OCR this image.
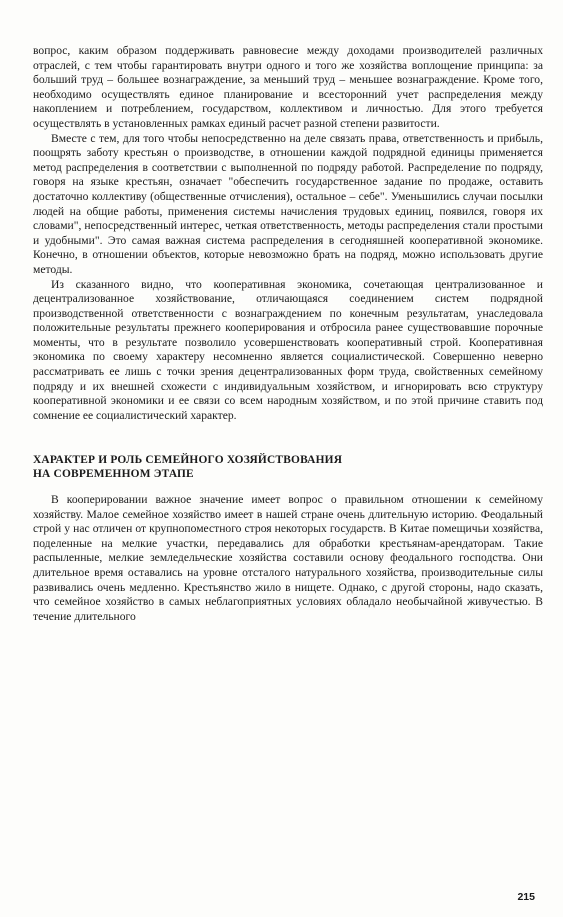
вопрос, каким образом поддерживать равновесие между доходами производителей различных отраслей, с тем чтобы гарантировать внутри одного и того же хозяйства воплощение принципа: за больший труд – большее вознаграждение, за меньший труд – меньшее вознаграждение. Кроме того, необходимо осуществлять единое планирование и всесторонний учет распределения между накоплением и потреблением, государством, коллективом и личностью. Для этого требуется осуществлять в установленных рамках единый расчет разной степени развитости.

Вместе с тем, для того чтобы непосредственно на деле связать права, ответственность и прибыль, поощрять заботу крестьян о производстве, в отношении каждой подрядной единицы применяется метод распределения в соответствии с выполненной по подряду работой. Распределение по подряду, говоря на языке крестьян, означает "обеспечить государственное задание по продаже, оставить достаточно коллективу (общественные отчисления), остальное – себе". Уменьшились случаи посылки людей на общие работы, применения системы начисления трудовых единиц, появился, говоря их словами", непосредственный интерес, четкая ответственность, методы распределения стали простыми и удобными". Это самая важная система распределения в сегодняшней кооперативной экономике. Конечно, в отношении объектов, которые невозможно брать на подряд, можно использовать другие методы.

Из сказанного видно, что кооперативная экономика, сочетающая централизованное и децентрализованное хозяйствование, отличающаяся соединением систем подрядной производственной ответственности с вознаграждением по конечным результатам, унаследовала положительные результаты прежнего кооперирования и отбросила ранее существовавшие порочные моменты, что в результате позволило усовершенствовать кооперативный строй. Кооперативная экономика по своему характеру несомненно является социалистической. Совершенно неверно рассматривать ее лишь с точки зрения децентрализованных форм труда, свойственных семейному подряду и их внешней схожести с индивидуальным хозяйством, и игнорировать всю структуру кооперативной экономики и ее связи со всем народным хозяйством, и по этой причине ставить под сомнение ее социалистический характер.

ХАРАКТЕР И РОЛЬ СЕМЕЙНОГО ХОЗЯЙСТВОВАНИЯ
НА СОВРЕМЕННОМ ЭТАПЕ

В кооперировании важное значение имеет вопрос о правильном отношении к семейному хозяйству. Малое семейное хозяйство имеет в нашей стране очень длительную историю. Феодальный строй у нас отличен от крупнопоместного строя некоторых государств. В Китае помещичьи хозяйства, поделенные на мелкие участки, передавались для обработки крестьянам-арендаторам. Такие распыленные, мелкие земледельческие хозяйства составили основу феодального господства. Они длительное время оставались на уровне отсталого натурального хозяйства, производительные силы развивались очень медленно. Крестьянство жило в нищете. Однако, с другой стороны, надо сказать, что семейное хозяйство в самых неблагоприятных условиях обладало необычайной живучестью. В течение длительного

215
